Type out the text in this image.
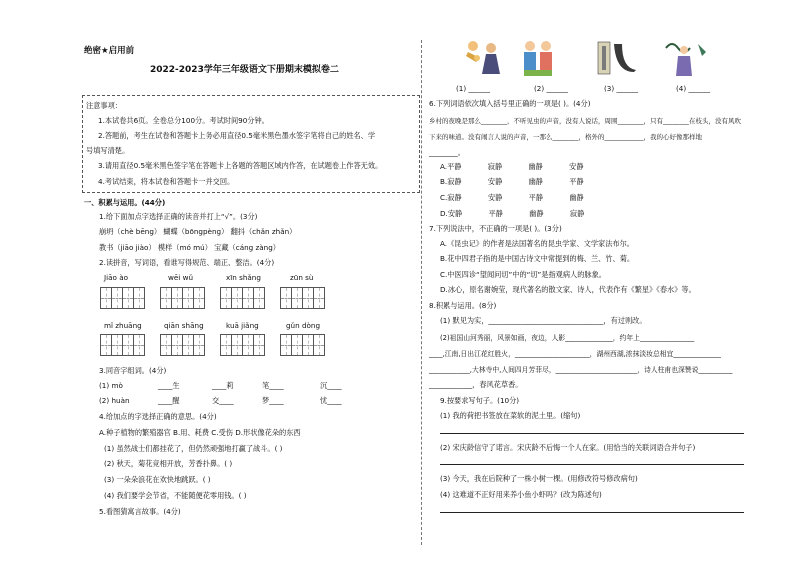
绝密★启用前
2022-2023学年三年级语文下册期末模拟卷二
注意事项：
1.本试卷共6页。全卷总分100分。考试时间90分钟。
2.答题前，考生在试卷和答题卡上务必用直径0.5毫米黑色墨水签字笔将自己的姓名、学
号填写清楚。
3.请用直径0.5毫米黑色签字笔在答题卡上各题的答题区域内作答，在试题卷上作答无效。
4.考试结束，将本试卷和答题卡一并交回。
一、积累与运用。(44分)
1.给下面加点字选择正确的读音并打上“√”。(3分)
崩坍（chè bēng） 蝴蝶（bōngpèng） 翻抖（chǎn zhǎn）
教书（jiāo jiào） 模样（mó mú） 宝藏（cáng zàng）
2.读拼音，写词语，看谁写得规范、端正、整洁。(4分)
Jiāo ào	wēi wǔ	xīn shǎng	zūn sù
mǐ zhuāng	qiān shāng	kuā jiǎng	gǔn dòng
3.同音字组词。(4分)
(1) mò	____生	____莉	笔____	沉____
(2) huàn	____醒	交____	梦____	忧____
4.给加点的字选择正确的意思。(4分)
A.种子植物的繁殖器官 B.用、耗费 C.受伤 D.形状像花朵的东西
(1) 虽然战士们都挂花了，但仍然顽强地打赢了战斗。( )
(2) 秋天，菊花竞相开放，芳香扑鼻。( )
(3) 一朵朵浪花在欢快地跳跃。( )
(4) 我们要学会节省，不能随便花零用钱。( )
5.看图猜寓言故事。(4分)
(1) ______	(2) ______	(3) ______	(4) ______
6.下列词语依次填入括号里正确的一项是( )。(4分)
乡村的夜晚是那么________，不听见虫的声音，没有人说话，周围________，只有________在枝头，没有风吹
下来的味道。没有闹言人说的声音，一那么________，格外的____________，我的心好像那样地
________。
A.平静	寂静	幽静	安静
B.寂静	安静	幽静	平静
C.寂静	安静	平静	幽静
D.安静	平静	幽静	寂静
7.下列说法中，不正确的一项是( )。(3分)
A.《昆虫记》的作者是法国著名的昆虫学家、文学家法布尔。
B.花中四君子指的是中国古诗文中常提到的梅、兰、竹、菊。
C.中医四诊“望闻问切”中的“切”是指观病人的脉象。
D.冰心，原名谢婉莹，现代著名的散文家、诗人，代表作有《繁星》《春水》等。
8.积累与运用。(8分)
(1) 默见为实，________________________________，有过则改。
(2)祖国山河秀丽，风景如画，夜边，人影______________，约年上________________
____,江南,日出江花红胜火，______________________，湖州西湖,浓抹淡妆总相宜______________
____________,大林寺中,人间四月芳菲尽，________________________，诗人柱甫也深赞说__________
____________，春风花草香。
9.按要求写句子。(10分)
(1) 我的荷把书签放在菜软的泥土里。(缩句)
(2) 宋庆龄信守了诺言。宋庆龄不后悔一个人在家。(用恰当的关联词语合并句子)
(3) 今天，我在后院种了一株小树一棵。(用修改符号修改病句)
(4) 这难道不正好用来养小鱼小虾吗？(改为陈述句)
